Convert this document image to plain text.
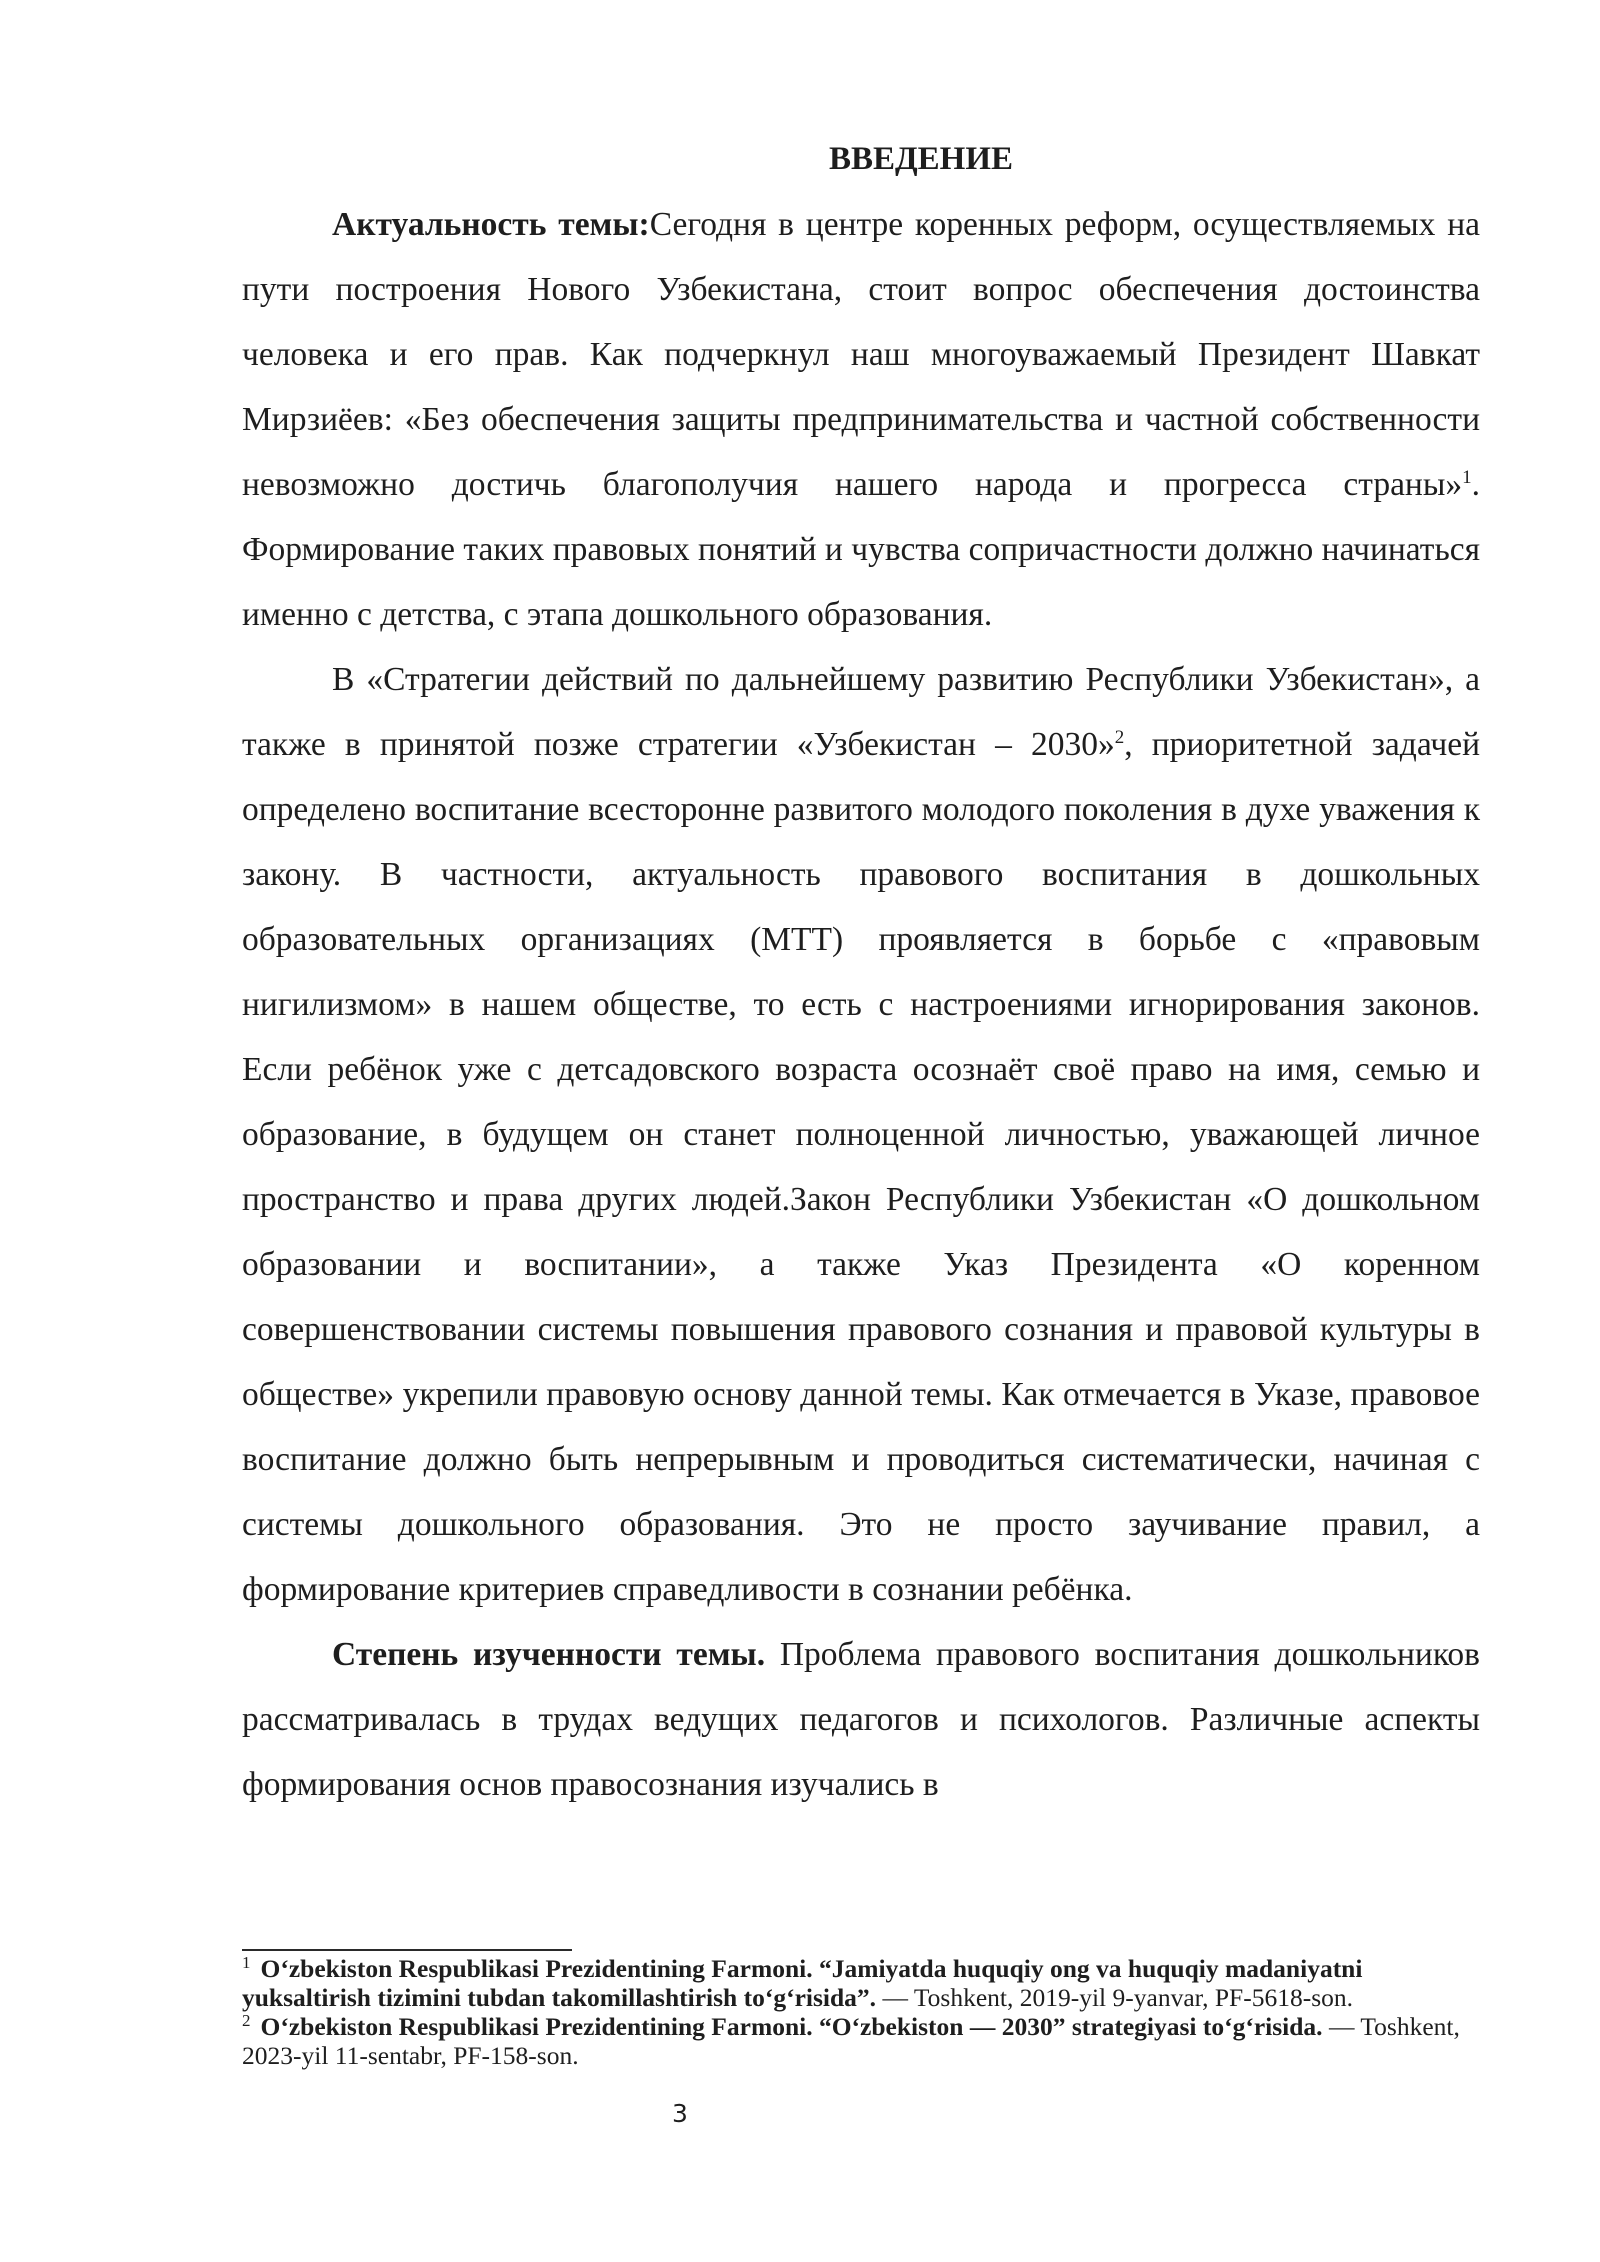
ВВЕДЕНИЕ

Актуальность темы:Сегодня в центре коренных реформ, осуществляемых на пути построения Нового Узбекистана, стоит вопрос обеспечения достоинства человека и его прав. Как подчеркнул наш многоуважаемый Президент Шавкат Мирзиёев: «Без обеспечения защиты предпринимательства и частной собственности невозможно достичь благополучия нашего народа и прогресса страны»$^1$. Формирование таких правовых понятий и чувства сопричастности должно начинаться именно с детства, с этапа дошкольного образования.

В «Стратегии действий по дальнейшему развитию Республики Узбекистан», а также в принятой позже стратегии «Узбекистан – 2030»$^2$, приоритетной задачей определено воспитание всесторонне развитого молодого поколения в духе уважения к закону. В частности, актуальность правового воспитания в дошкольных образовательных организациях (МТТ) проявляется в борьбе с «правовым нигилизмом» в нашем обществе, то есть с настроениями игнорирования законов. Если ребёнок уже с детсадовского возраста осознаёт своё право на имя, семью и образование, в будущем он станет полноценной личностью, уважающей личное пространство и права других людей.Закон Республики Узбекистан «О дошкольном образовании и воспитании», а также Указ Президента «О коренном совершенствовании системы повышения правового сознания и правовой культуры в обществе» укрепили правовую основу данной темы. Как отмечается в Указе, правовое воспитание должно быть непрерывным и проводиться систематически, начиная с системы дошкольного образования. Это не просто заучивание правил, а формирование критериев справедливости в сознании ребёнка.

Степень изученности темы. Проблема правового воспитания дошкольников рассматривалась в трудах ведущих педагогов и психологов. Различные аспекты формирования основ правосознания изучались в

$^1$ O‘zbekiston Respublikasi Prezidentining Farmoni. “Jamiyatda huquqiy ong va huquqiy madaniyatni yuksaltirish tizimini tubdan takomillashtirish to‘g‘risida”. — Toshkent, 2019-yil 9-yanvar, PF-5618-son.

$^2$ O‘zbekiston Respublikasi Prezidentining Farmoni. “O‘zbekiston — 2030” strategiyasi to‘g‘risida. — Toshkent, 2023-yil 11-sentabr, PF-158-son.

3
